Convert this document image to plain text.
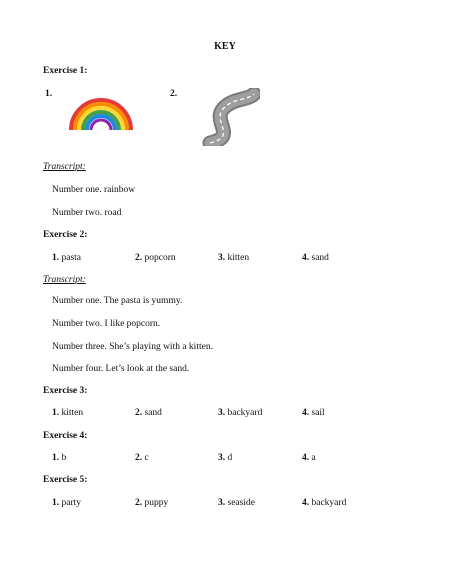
KEY
Exercise 1:
1.	2.
Transcript:
Number one. rainbow
Number two. road
Exercise 2:
1. pasta	2. popcorn	3. kitten	4. sand
Transcript:
Number one. The pasta is yummy.
Number two. I like popcorn.
Number three. She’s playing with a kitten.
Number four. Let’s look at the sand.
Exercise 3:
1. kitten	2. sand	3. backyard	4. sail
Exercise 4:
1. b	2. c	3. d	4. a
Exercise 5:
1. party	2. puppy	3. seaside	4. backyard
